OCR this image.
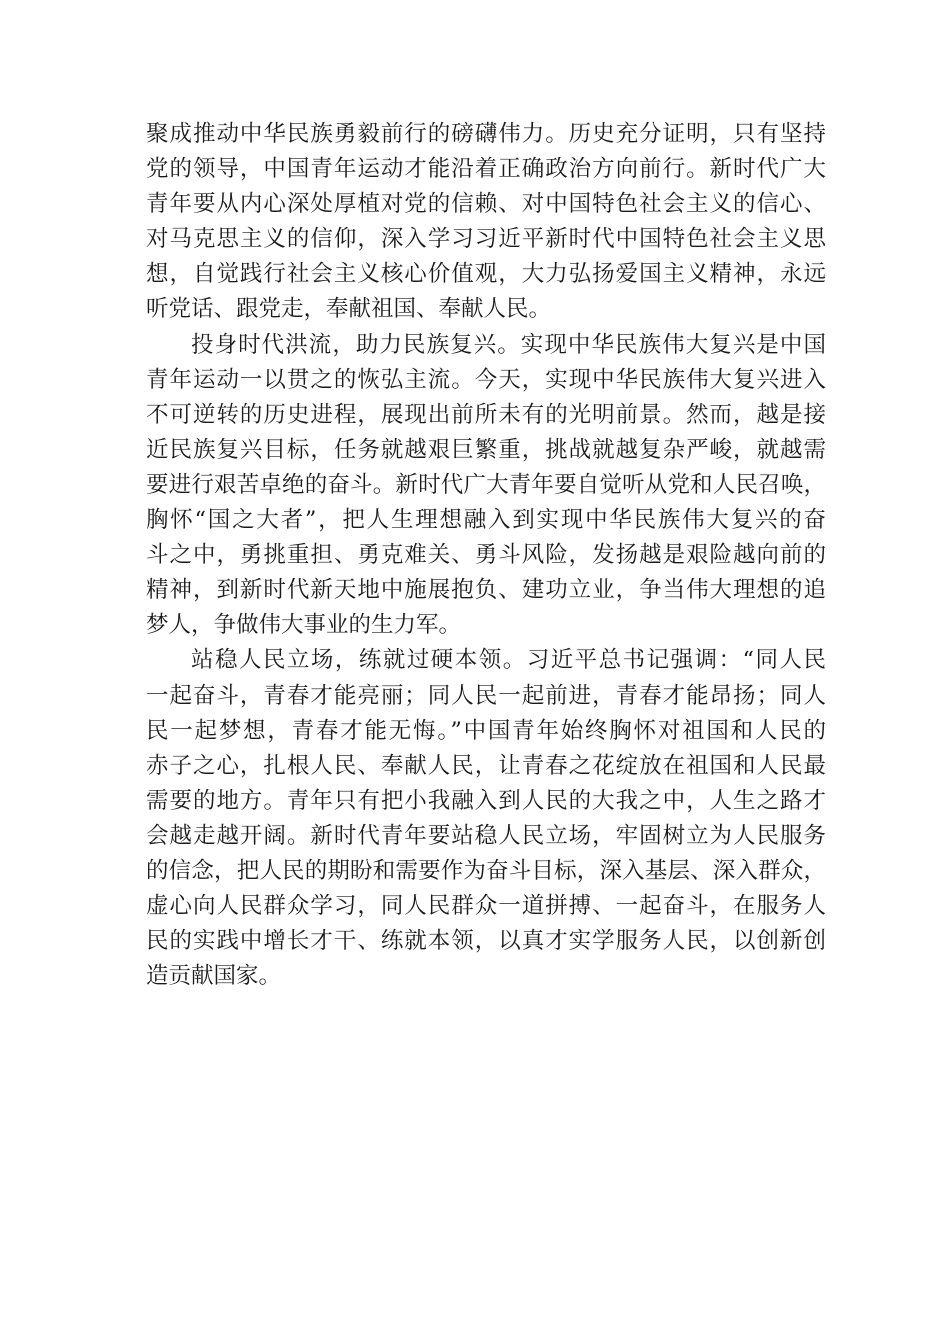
聚成推动中华民族勇毅前行的磅礴伟力。历史充分证明，只有坚持
党的领导，中国青年运动才能沿着正确政治方向前行。新时代广大
青年要从内心深处厚植对党的信赖、对中国特色社会主义的信心、
对马克思主义的信仰，深入学习习近平新时代中国特色社会主义思
想，自觉践行社会主义核心价值观，大力弘扬爱国主义精神，永远
听党话、跟党走，奉献祖国、奉献人民。
投身时代洪流，助力民族复兴。实现中华民族伟大复兴是中国
青年运动一以贯之的恢弘主流。今天，实现中华民族伟大复兴进入
不可逆转的历史进程，展现出前所未有的光明前景。然而，越是接
近民族复兴目标，任务就越艰巨繁重，挑战就越复杂严峻，就越需
要进行艰苦卓绝的奋斗。新时代广大青年要自觉听从党和人民召唤，
胸怀“国之大者”，把人生理想融入到实现中华民族伟大复兴的奋
斗之中，勇挑重担、勇克难关、勇斗风险，发扬越是艰险越向前的
精神，到新时代新天地中施展抱负、建功立业，争当伟大理想的追
梦人，争做伟大事业的生力军。
站稳人民立场，练就过硬本领。习近平总书记强调：“同人民
一起奋斗，青春才能亮丽；同人民一起前进，青春才能昂扬；同人
民一起梦想，青春才能无悔。”中国青年始终胸怀对祖国和人民的
赤子之心，扎根人民、奉献人民，让青春之花绽放在祖国和人民最
需要的地方。青年只有把小我融入到人民的大我之中，人生之路才
会越走越开阔。新时代青年要站稳人民立场，牢固树立为人民服务
的信念，把人民的期盼和需要作为奋斗目标，深入基层、深入群众，
虚心向人民群众学习，同人民群众一道拼搏、一起奋斗，在服务人
民的实践中增长才干、练就本领，以真才实学服务人民，以创新创
造贡献国家。
